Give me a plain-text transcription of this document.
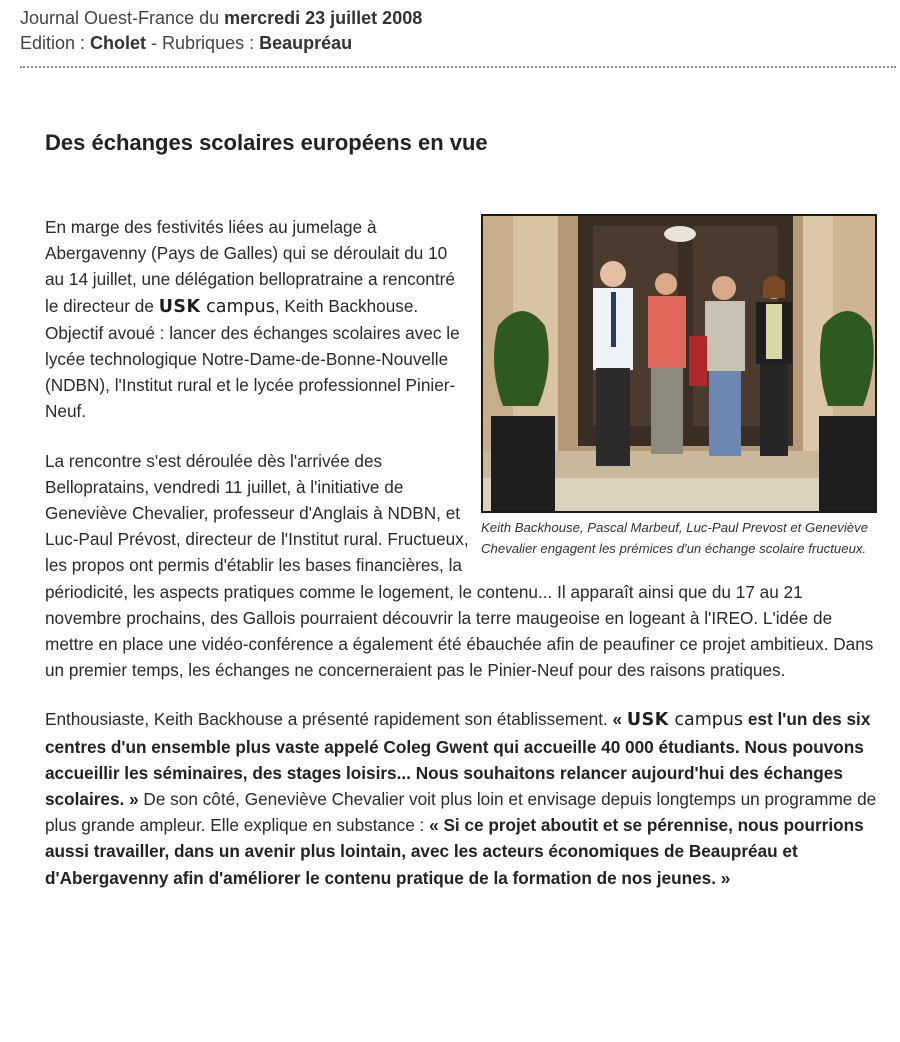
Journal Ouest-France du mercredi 23 juillet 2008
Edition : Cholet - Rubriques : Beaupréau
Des échanges scolaires européens en vue
Keith Backhouse, Pascal Marbeuf, Luc-Paul Prevost et Geneviève Chevalier engagent les prémices d'un échange scolaire fructueux.

En marge des festivités liées au jumelage à Abergavenny (Pays de Galles) qui se déroulait du 10 au 14 juillet, une délégation bellopratraine a rencontré le directeur de USK campus, Keith Backhouse. Objectif avoué : lancer des échanges scolaires avec le lycée technologique Notre-Dame-de-Bonne-Nouvelle (NDBN), l'Institut rural et le lycée professionnel Pinier-Neuf.

La rencontre s'est déroulée dès l'arrivée des Bellopratains, vendredi 11 juillet, à l'initiative de Geneviève Chevalier, professeur d'Anglais à NDBN, et Luc-Paul Prévost, directeur de l'Institut rural. Fructueux, les propos ont permis d'établir les bases financières, la périodicité, les aspects pratiques comme le logement, le contenu... Il apparaît ainsi que du 17 au 21 novembre prochains, des Gallois pourraient découvrir la terre maugeoise en logeant à l'IREO. L'idée de mettre en place une vidéo-conférence a également été ébauchée afin de peaufiner ce projet ambitieux. Dans un premier temps, les échanges ne concerneraient pas le Pinier-Neuf pour des raisons pratiques.

Enthousiaste, Keith Backhouse a présenté rapidement son établissement. « USK campus est l'un des six centres d'un ensemble plus vaste appelé Coleg Gwent qui accueille 40 000 étudiants. Nous pouvons accueillir les séminaires, des stages loisirs... Nous souhaitons relancer aujourd'hui des échanges scolaires. » De son côté, Geneviève Chevalier voit plus loin et envisage depuis longtemps un programme de plus grande ampleur. Elle explique en substance : « Si ce projet aboutit et se pérennise, nous pourrions aussi travailler, dans un avenir plus lointain, avec les acteurs économiques de Beaupréau et d'Abergavenny afin d'améliorer le contenu pratique de la formation de nos jeunes. »
